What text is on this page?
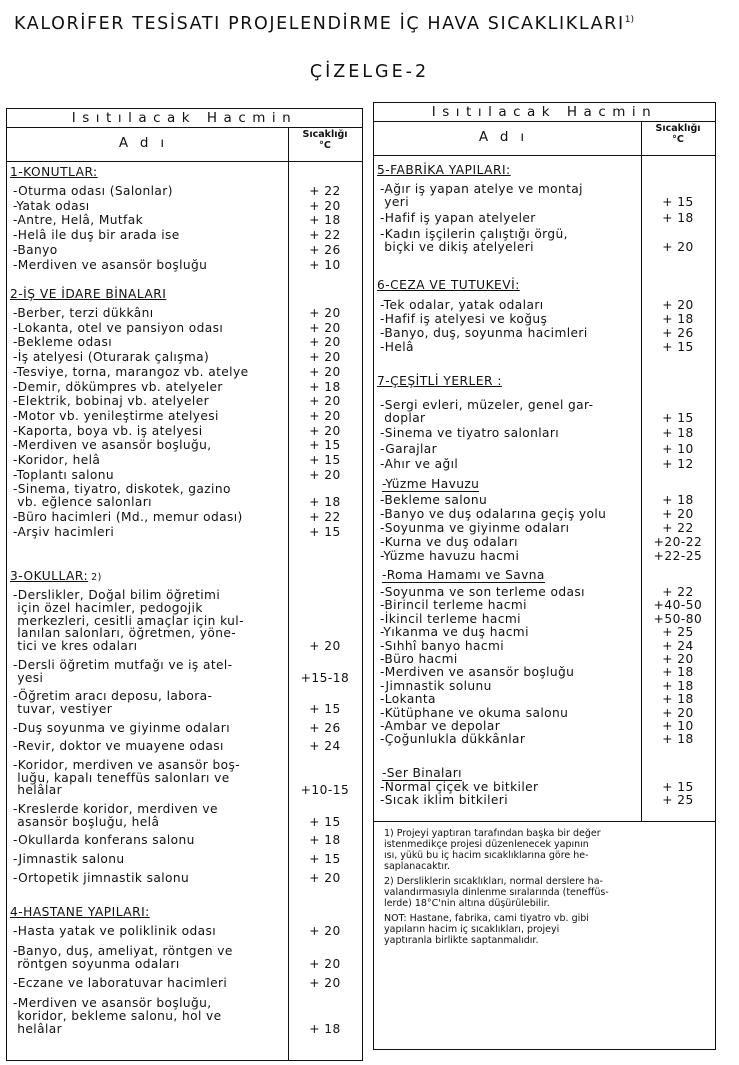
KALORİFER TESİSATI PROJELENDİRME İÇ HAVA SICAKLIKLARI$^{1)}$
ÇİZELGE-2
Isıtılacak Hacmin
Adı
Sıcaklığı
°C
1-KONUTLAR:
-Oturma odası (Salonlar)	+ 22
-Yatak odası	+ 20
-Antre, Helâ, Mutfak	+ 18
-Helâ ile duş bir arada ise	+ 22
-Banyo	+ 26
-Merdiven ve asansör boşluğu	+ 10
2-İŞ VE İDARE BİNALARI
-Berber, terzi dükkânı	+ 20
-Lokanta, otel ve pansiyon odası	+ 20
-Bekleme odası	+ 20
-İş atelyesi (Oturarak çalışma)	+ 20
-Tesviye, torna, marangoz vb. atelye	+ 20
-Demir, dökümpres vb. atelyeler	+ 18
-Elektrik, bobinaj vb. atelyeler	+ 20
-Motor vb. yenileştirme atelyesi	+ 20
-Kaporta, boya vb. iş atelyesi	+ 20
-Merdiven ve asansör boşluğu,	+ 15
-Koridor, helâ	+ 15
-Toplantı salonu	+ 20
-Sinema, tiyatro, diskotek, gazino
vb. eğlence salonları	+ 18
-Büro hacimleri (Md., memur odası)	+ 22
-Arşiv hacimleri	+ 15
3-OKULLAR: 2)
-Derslikler, Doğal bilim öğretimi
için özel hacimler, pedogojik
merkezleri, cesitli amaçlar için kul-
lanılan salonları, öğretmen, yöne-
tici ve kres odaları	+ 20
-Dersli öğretim mutfağı ve iş atel-
yesi	+15-18
-Öğretim aracı deposu, labora-
tuvar, vestiyer	+ 15
-Duş soyunma ve giyinme odaları	+ 26
-Revir, doktor ve muayene odası	+ 24
-Koridor, merdiven ve asansör boş-
luğu, kapalı teneffüs salonları ve
helâlar	+10-15
-Kreslerde koridor, merdiven ve
asansör boşluğu, helâ	+ 15
-Okullarda konferans salonu	+ 18
-Jimnastik salonu	+ 15
-Ortopetik jimnastik salonu	+ 20
4-HASTANE YAPILARI:
-Hasta yatak ve poliklinik odası	+ 20
-Banyo, duş, ameliyat, röntgen ve
röntgen soyunma odaları	+ 20
-Eczane ve laboratuvar hacimleri	+ 20
-Merdiven ve asansör boşluğu,
koridor, bekleme salonu, hol ve
helâlar	+ 18
Isıtılacak Hacmin
Adı
Sıcaklığı
°C
5-FABRİKA YAPILARI:
-Ağır iş yapan atelye ve montaj
yeri	+ 15
-Hafif iş yapan atelyeler	+ 18
-Kadın işçilerin çalıştığı örgü,
biçki ve dikiş atelyeleri	+ 20
6-CEZA VE TUTUKEVİ:
-Tek odalar, yatak odaları	+ 20
-Hafif iş atelyesi ve koğuş	+ 18
-Banyo, duş, soyunma hacimleri	+ 26
-Helâ	+ 15
7-ÇEŞİTLİ YERLER :
-Sergi evleri, müzeler, genel gar-
doplar	+ 15
-Sinema ve tiyatro salonları	+ 18
-Garajlar	+ 10
-Ahır ve ağıl	+ 12
-Yüzme Havuzu
-Bekleme salonu	+ 18
-Banyo ve duş odalarına geçiş yolu	+ 20
-Soyunma ve giyinme odaları	+ 22
-Kurna ve duş odaları	+20-22
-Yüzme havuzu hacmi	+22-25
-Roma Hamamı ve Savna
-Soyunma ve son terleme odası	+ 22
-Birincil terleme hacmi	+40-50
-İkincil terleme hacmi	+50-80
-Yıkanma ve duş hacmi	+ 25
-Sıhhî banyo hacmi	+ 24
-Büro hacmi	+ 20
-Merdiven ve asansör boşluğu	+ 18
-Jimnastik solunu	+ 18
-Lokanta	+ 18
-Kütüphane ve okuma salonu	+ 20
-Ambar ve depolar	+ 10
-Çoğunlukla dükkânlar	+ 18
-Ser Binaları
-Normal çiçek ve bitkiler	+ 15
-Sıcak iklim bitkileri	+ 25
1) Projeyi yaptıran tarafından başka bir değer
istenmedikçe projesi düzenlenecek yapının
ısı, yükü bu iç hacim sıcaklıklarına göre he-
saplanacaktır.
2) Dersliklerin sıcaklıkları, normal derslere ha-
valandırmasıyla dinlenme sıralarında (teneffüs-
lerde) 18°C'nin altına düşürülebilir.
NOT: Hastane, fabrika, cami tiyatro vb. gibi
yapıların hacim iç sıcaklıkları, projeyi
yaptıranla birlikte saptanmalıdır.
